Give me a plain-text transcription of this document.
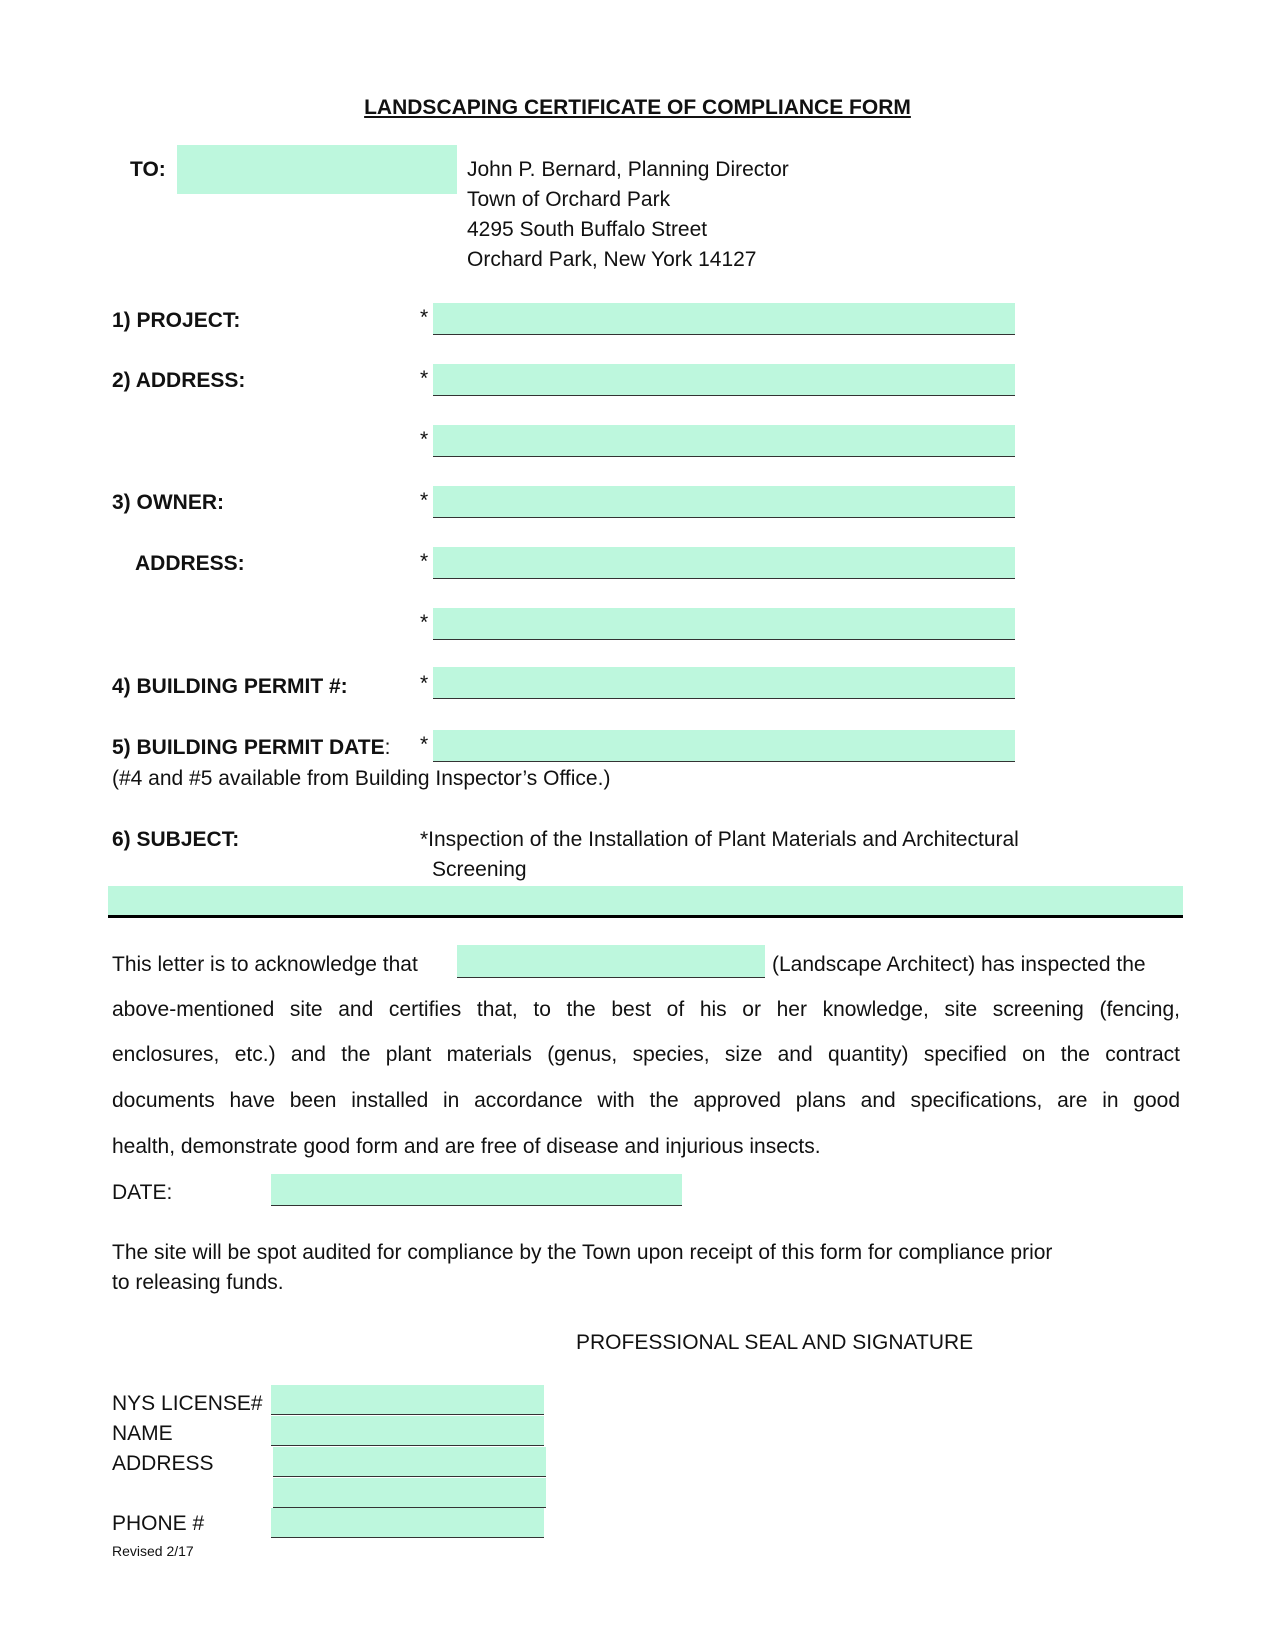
LANDSCAPING CERTIFICATE OF COMPLIANCE FORM
TO:	John P. Bernard, Planning Director
Town of Orchard Park
4295 South Buffalo Street
Orchard Park, New York 14127
1) PROJECT:	*
2) ADDRESS:	*
*
3) OWNER:	*
ADDRESS:	*
*
4) BUILDING PERMIT #:	*
5) BUILDING PERMIT DATE: *
(#4 and #5 available from Building Inspector’s Office.)
6) SUBJECT:	*Inspection of the Installation of Plant Materials and Architectural
Screening
This letter is to acknowledge that	(Landscape Architect) has inspected the
above-mentioned site and certifies that, to the best of his or her knowledge, site screening (fencing,
enclosures, etc.) and the plant materials (genus, species, size and quantity) specified on the contract
documents have been installed in accordance with the approved plans and specifications, are in good
health, demonstrate good form and are free of disease and injurious insects.
DATE:
The site will be spot audited for compliance by the Town upon receipt of this form for compliance prior
to releasing funds.
PROFESSIONAL SEAL AND SIGNATURE
NYS LICENSE#
NAME
ADDRESS
PHONE #
Revised 2/17
